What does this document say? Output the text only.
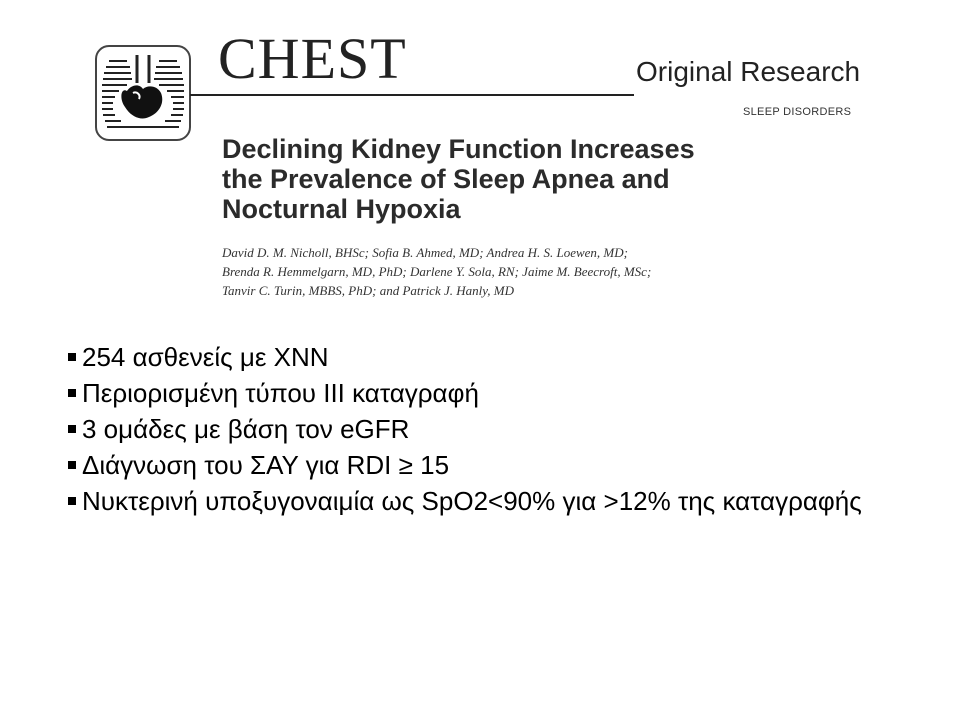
CHEST	Original Research
SLEEP DISORDERS
Declining Kidney Function Increases
the Prevalence of Sleep Apnea and
Nocturnal Hypoxia
David D. M. Nicholl, BHSc; Sofia B. Ahmed, MD; Andrea H. S. Loewen, MD;
Brenda R. Hemmelgarn, MD, PhD; Darlene Y. Sola, RN; Jaime M. Beecroft, MSc;
Tanvir C. Turin, MBBS, PhD; and Patrick J. Hanly, MD
254 ασθενείς με ΧΝΝ
Περιορισμένη τύπου ΙΙΙ καταγραφή
3 ομάδες με βάση τον eGFR
Διάγνωση του ΣΑΥ για RDI ≥ 15
Νυκτερινή υποξυγοναιμία ως SpO2<90% για >12% της καταγραφής
